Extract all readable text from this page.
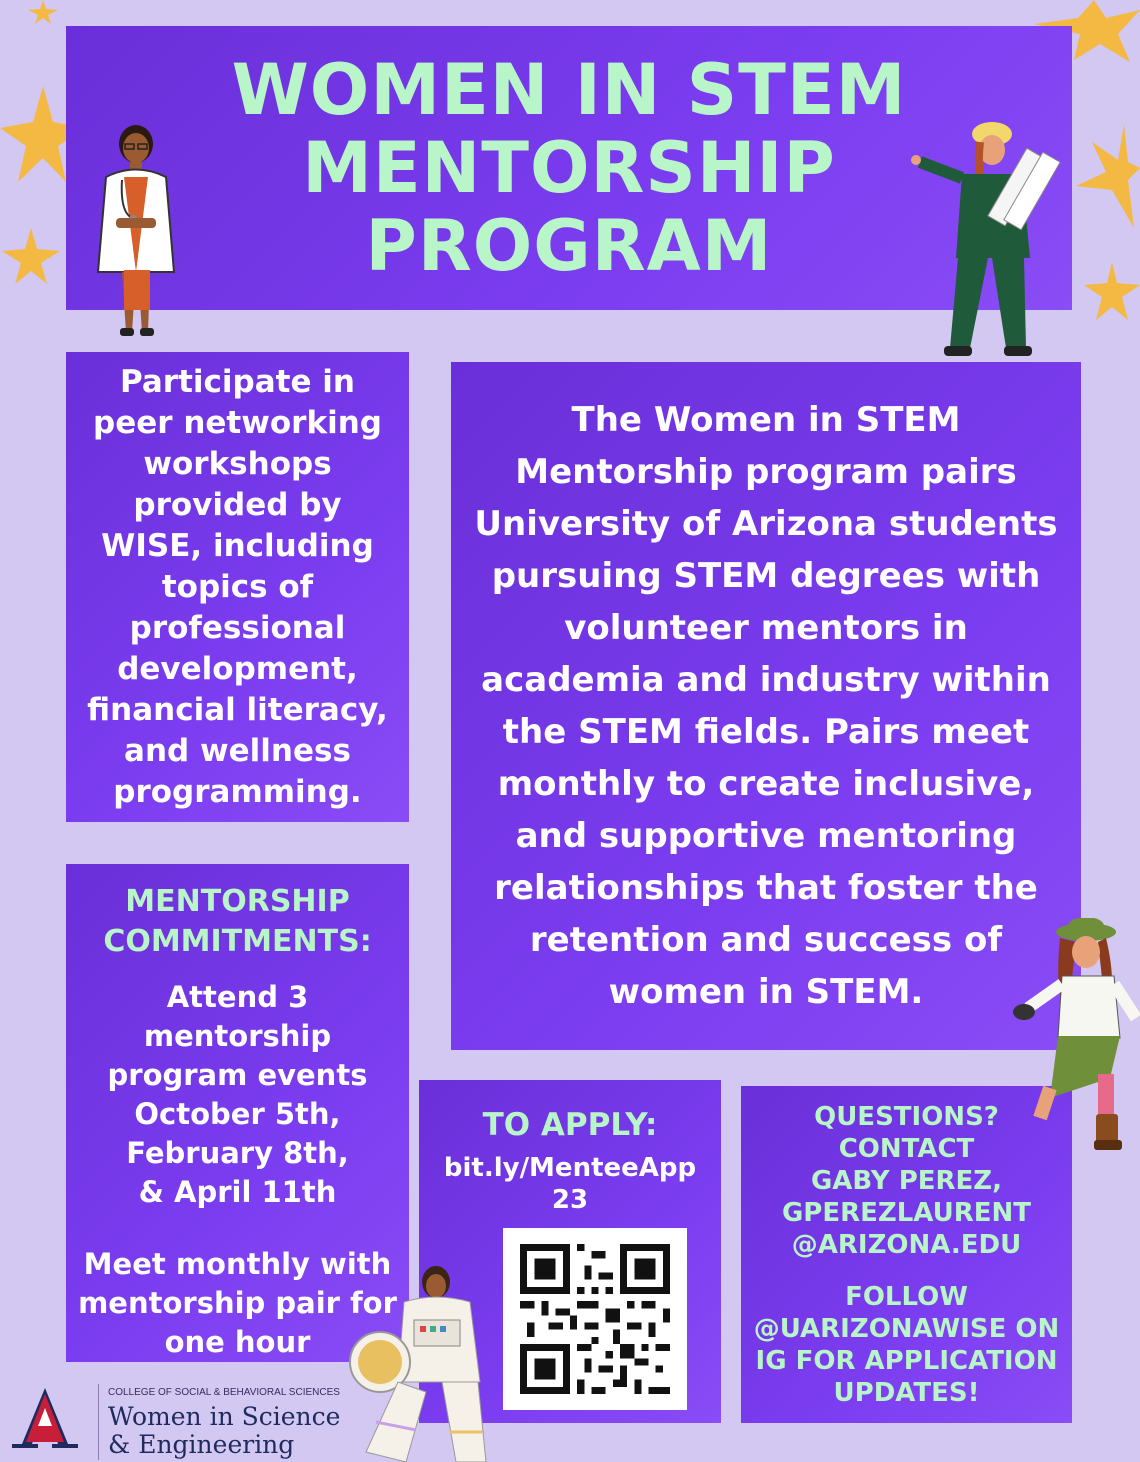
WOMEN IN STEM
MENTORSHIP
PROGRAM

Participate in peer networking workshops provided by WISE, including topics of professional development, financial literacy, and wellness programming.

The Women in STEM Mentorship program pairs University of Arizona students pursuing STEM degrees with volunteer mentors in academia and industry within the STEM fields. Pairs meet monthly to create inclusive, and supportive mentoring relationships that foster the retention and success of women in STEM.

MENTORSHIP
COMMITMENTS:
Attend 3 mentorship
program events
October 5th,
February 8th,
& April 11th
Meet monthly with
mentorship pair for
one hour
TO APPLY:
bit.ly/MenteeApp
23
QUESTIONS?
CONTACT
GABY PEREZ,
GPEREZLAURENT
@ARIZONA.EDU
FOLLOW
@UARIZONAWISE ON
IG FOR APPLICATION
UPDATES!
COLLEGE OF SOCIAL & BEHAVIORAL SCIENCES
Women in Science
& Engineering
